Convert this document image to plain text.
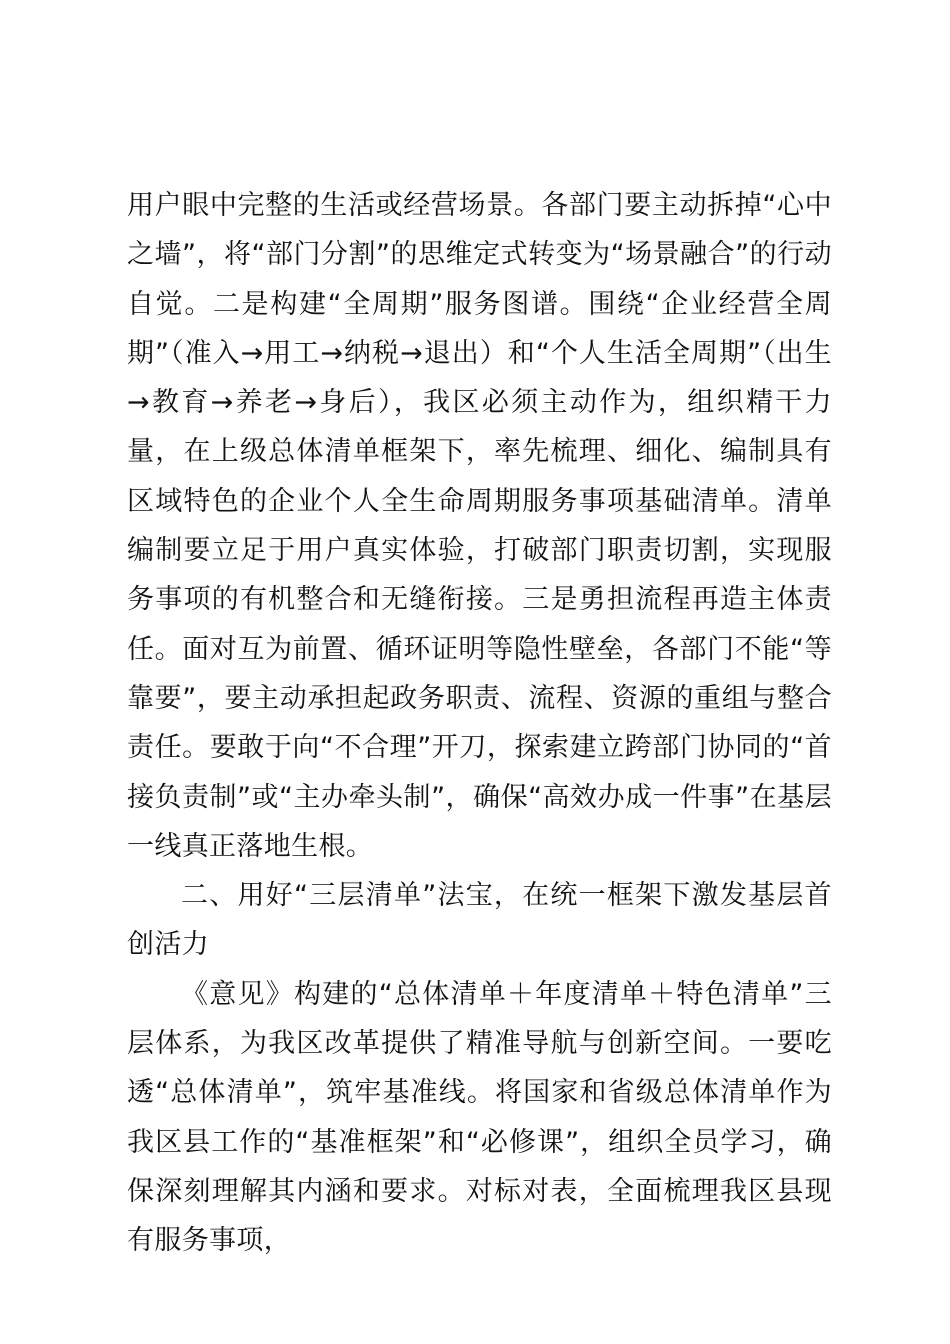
用户眼中完整的生活或经营场景。各部门要主动拆掉“心中之墙”，将“部门分割”的思维定式转变为“场景融合”的行动自觉。二是构建“全周期”服务图谱。围绕“企业经营全周期”（准入→用工→纳税→退出）和“个人生活全周期”（出生→教育→养老→身后），我区必须主动作为，组织精干力量，在上级总体清单框架下，率先梳理、细化、编制具有区域特色的企业个人全生命周期服务事项基础清单。清单编制要立足于用户真实体验，打破部门职责切割，实现服务事项的有机整合和无缝衔接。三是勇担流程再造主体责任。面对互为前置、循环证明等隐性壁垒，各部门不能“等靠要”，要主动承担起政务职责、流程、资源的重组与整合责任。要敢于向“不合理”开刀，探索建立跨部门协同的“首接负责制”或“主办牵头制”，确保“高效办成一件事”在基层一线真正落地生根。

二、用好“三层清单”法宝，在统一框架下激发基层首创活力

《意见》构建的“总体清单＋年度清单＋特色清单”三层体系，为我区改革提供了精准导航与创新空间。一要吃透“总体清单”，筑牢基准线。将国家和省级总体清单作为我区县工作的“基准框架”和“必修课”，组织全员学习，确保深刻理解其内涵和要求。对标对表，全面梳理我区县现有服务事项，
